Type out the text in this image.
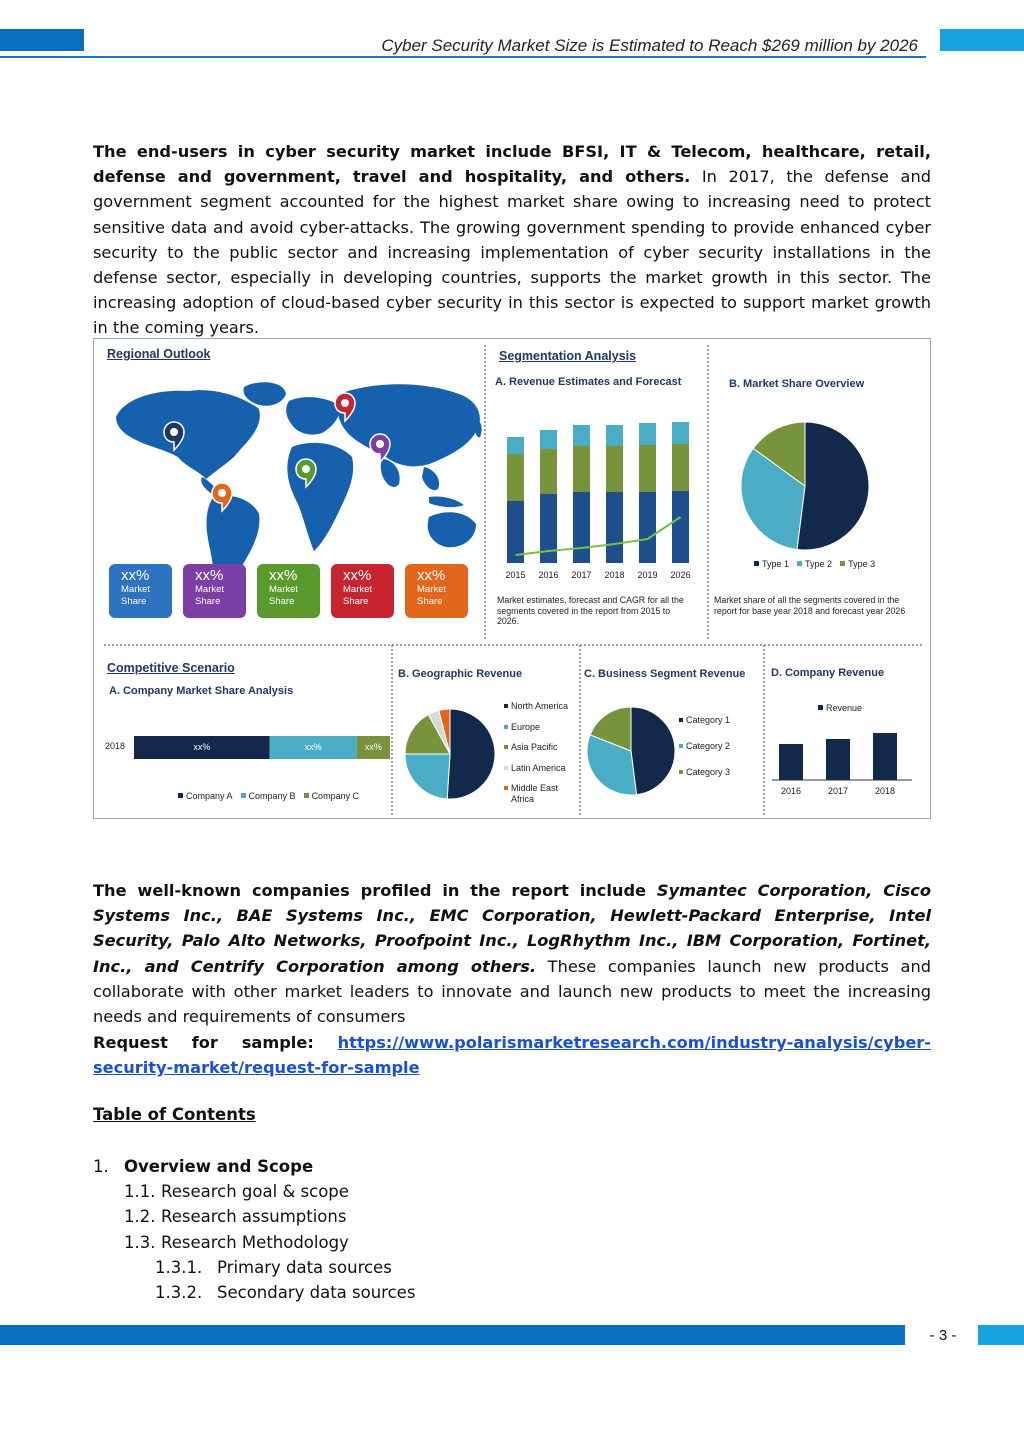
Cyber Security Market Size is Estimated to Reach $269 million by 2026
The end-users in cyber security market include BFSI, IT & Telecom, healthcare, retail, defense and government, travel and hospitality, and others. In 2017, the defense and government segment accounted for the highest market share owing to increasing need to protect sensitive data and avoid cyber-attacks. The growing government spending to provide enhanced cyber security to the public sector and increasing implementation of cyber security installations in the defense sector, especially in developing countries, supports the market growth in this sector. The increasing adoption of cloud-based cyber security in this sector is expected to support market growth in the coming years.
Regional Outlook
xx%
Market
Share
xx%
Market
Share
xx%
Market
Share
xx%
Market
Share
xx%
Market
Share
Segmentation Analysis
A. Revenue Estimates and Forecast
2015	2016	2017	2018	2019	2026
Market estimates, forecast and CAGR for all the segments covered in the report from 2015 to 2026.
B. Market Share Overview
Type 1 Type 2 Type 3
Market share of all the segments covered in the report for base year 2018 and forecast year 2026
Competitive Scenario
A. Company Market Share Analysis
2018	xx%	xx%	xx%
Company A Company B Company C
B. Geographic Revenue
North America
Europe
Asia Pacific
Latin America
Middle East
Africa
C. Business Segment Revenue
Category 1
Category 2
Category 3
D. Company Revenue
Revenue
2016	2017	2018
The well-known companies profiled in the report include Symantec Corporation, Cisco Systems Inc., BAE Systems Inc., EMC Corporation, Hewlett-Packard Enterprise, Intel Security, Palo Alto Networks, Proofpoint Inc., LogRhythm Inc., IBM Corporation, Fortinet, Inc., and Centrify Corporation among others. These companies launch new products and collaborate with other market leaders to innovate and launch new products to meet the increasing needs and requirements of consumers
Request for sample: https://www.polarismarketresearch.com/industry-analysis/cyber-security-market/request-for-sample
Table of Contents
1. Overview and Scope
1.1. Research goal & scope
1.2. Research assumptions
1.3. Research Methodology
1.3.1. Primary data sources
1.3.2. Secondary data sources
- 3 -
